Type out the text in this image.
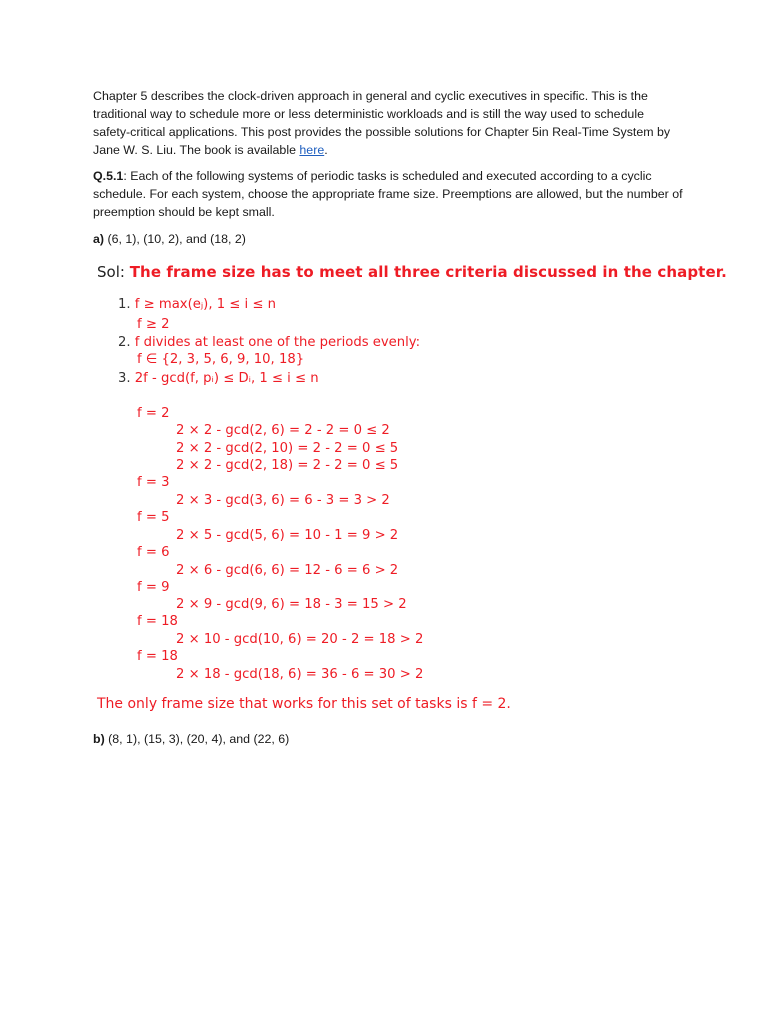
Chapter 5 describes the clock-driven approach in general and cyclic executives in specific. This is the traditional way to schedule more or less deterministic workloads and is still the way used to schedule safety-critical applications. This post provides the possible solutions for Chapter 5in Real-Time System by Jane W. S. Liu. The book is available here.

Q.5.1: Each of the following systems of periodic tasks is scheduled and executed according to a cyclic schedule. For each system, choose the appropriate frame size. Preemptions are allowed, but the number of preemption should be kept small.

a) (6, 1), (10, 2), and (18, 2)

Sol: The frame size has to meet all three criteria discussed in the chapter.
1. f ≥ max(eⱼ), 1 ≤ i ≤ n
f ≥ 2
2. f divides at least one of the periods evenly:
f ∈ {2, 3, 5, 6, 9, 10, 18}
3. 2f - gcd(f, pᵢ) ≤ Dᵢ, 1 ≤ i ≤ n
f = 2
2 × 2 - gcd(2, 6) = 2 - 2 = 0 ≤ 2
2 × 2 - gcd(2, 10) = 2 - 2 = 0 ≤ 5
2 × 2 - gcd(2, 18) = 2 - 2 = 0 ≤ 5
f = 3
2 × 3 - gcd(3, 6) = 6 - 3 = 3 > 2
f = 5
2 × 5 - gcd(5, 6) = 10 - 1 = 9 > 2
f = 6
2 × 6 - gcd(6, 6) = 12 - 6 = 6 > 2
f = 9
2 × 9 - gcd(9, 6) = 18 - 3 = 15 > 2
f = 18
2 × 10 - gcd(10, 6) = 20 - 2 = 18 > 2
f = 18
2 × 18 - gcd(18, 6) = 36 - 6 = 30 > 2
The only frame size that works for this set of tasks is f = 2.

b) (8, 1), (15, 3), (20, 4), and (22, 6)
